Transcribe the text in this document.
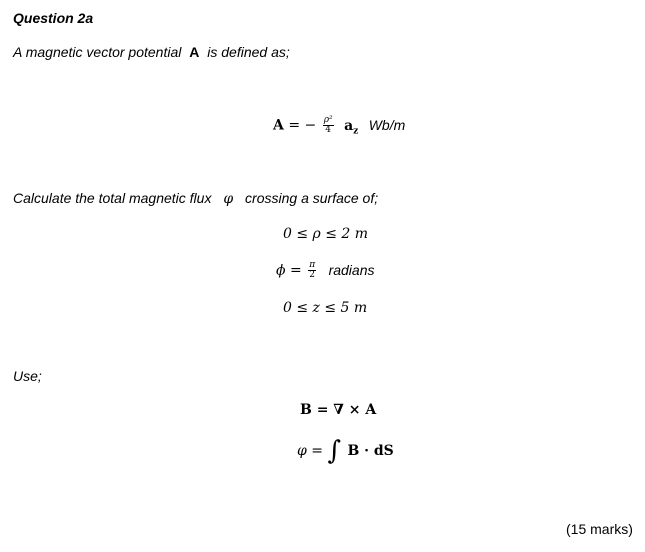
Question 2a
A magnetic vector potential A is defined as;
A = − $\frac{\text{ρ²}}{4} a_z$ Wb/m
Calculate the total magnetic flux φ crossing a surface of;
0 ≤ ρ ≤ 2 m
$\phi = \frac{\pi}{2}$ radians
0 ≤ z ≤ 5 m
Use;
B = ∇ × A
φ = ∫ B · dS
(15 marks)
